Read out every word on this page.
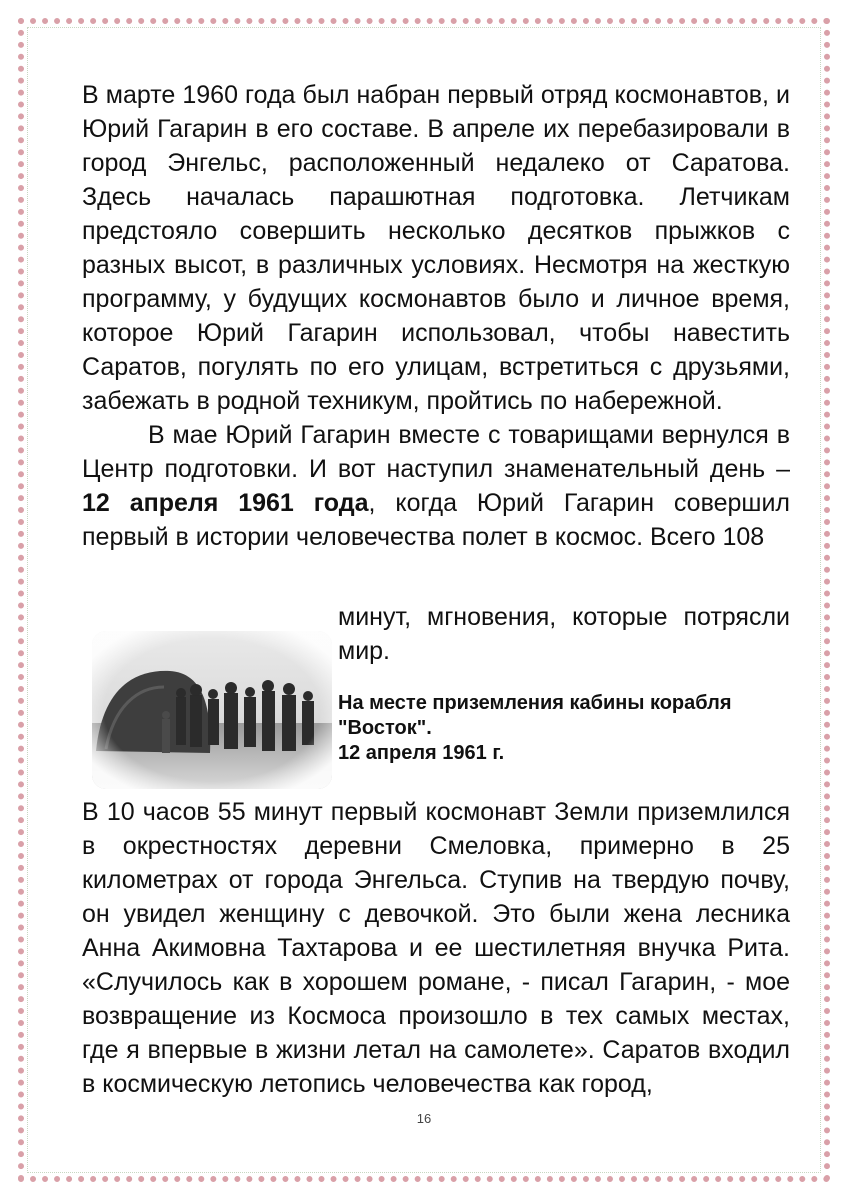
В марте 1960 года был набран первый отряд космонавтов, и Юрий Гагарин в его составе. В апреле их перебазировали в город Энгельс, расположенный недалеко от Саратова. Здесь началась парашютная подготовка. Летчикам предстояло совершить несколько десятков прыжков с разных высот, в различных условиях. Несмотря на жесткую программу, у будущих космонавтов было и личное время, которое Юрий Гагарин использовал, чтобы навестить Саратов, погулять по его улицам, встретиться с друзьями, забежать в родной техникум, пройтись по набережной.

В мае Юрий Гагарин вместе с товарищами вернулся в Центр подготовки. И вот наступил знаменательный день – 12 апреля 1961 года, когда Юрий Гагарин совершил первый в истории человечества полет в космос. Всего 108

минут, мгновения, которые потрясли мир.

На месте приземления кабины корабля "Восток".

12 апреля 1961 г.

В 10 часов 55 минут первый космонавт Земли приземлился в окрестностях деревни Смеловка, примерно в 25 километрах от города Энгельса. Ступив на твердую почву, он увидел женщину с девочкой. Это были жена лесника Анна Акимовна Тахтарова и ее шестилетняя внучка Рита. «Случилось как в хорошем романе, - писал Гагарин, - мое возвращение из Космоса произошло в тех самых местах, где я впервые в жизни летал на самолете». Саратов входил в космическую летопись человечества как город,

16
